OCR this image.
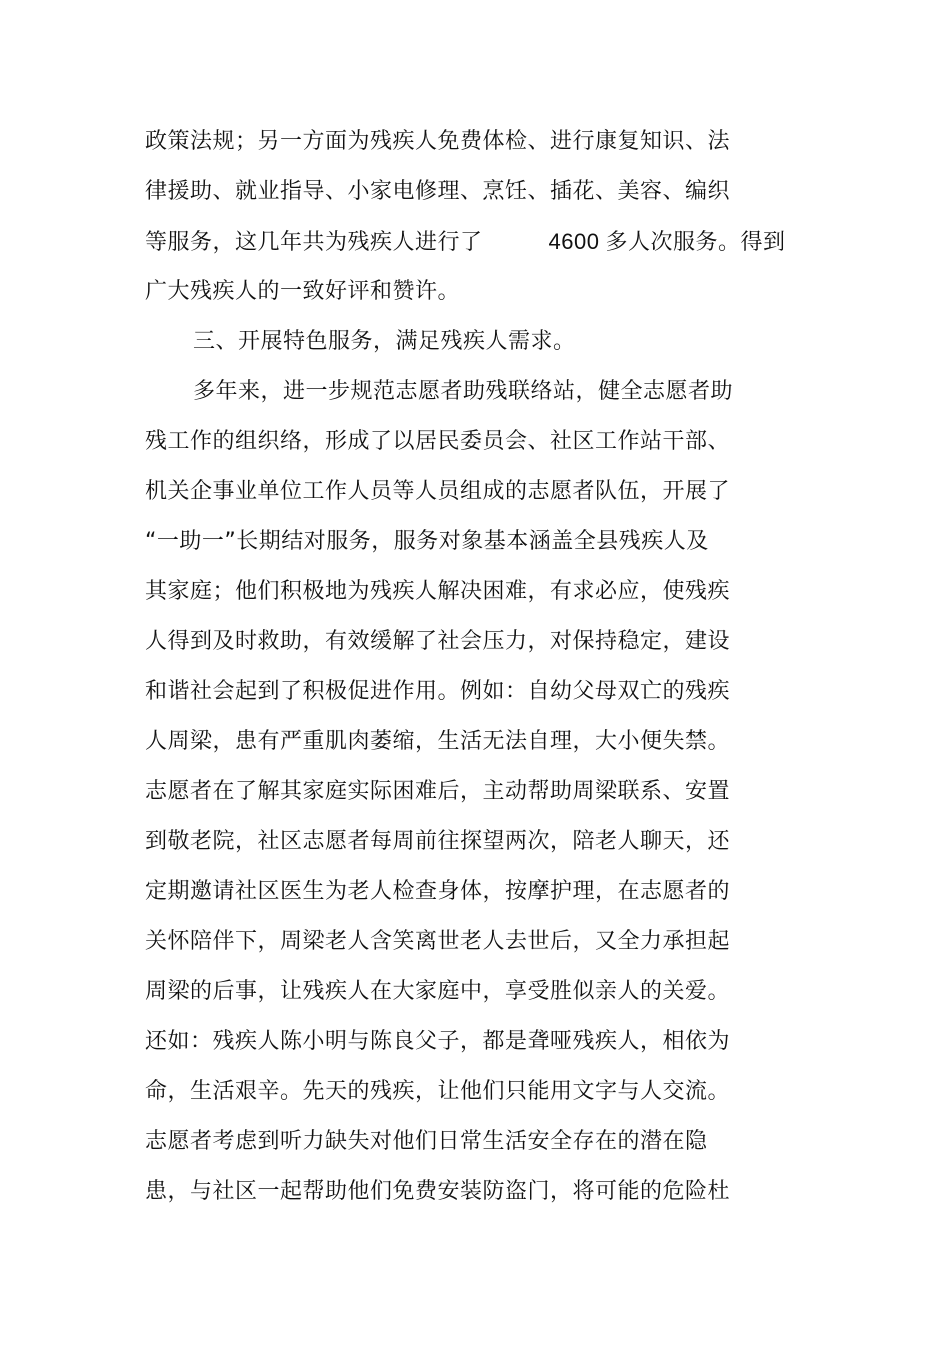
政策法规；另一方面为残疾人免费体检、进行康复知识、法
律援助、就业指导、小家电修理、烹饪、插花、美容、编织
等服务，这几年共为残疾人进行了	4600 多人次服务。得到
广大残疾人的一致好评和赞许。
三、开展特色服务，满足残疾人需求。
多年来，进一步规范志愿者助残联络站，健全志愿者助
残工作的组织络，形成了以居民委员会、社区工作站干部、
机关企事业单位工作人员等人员组成的志愿者队伍，开展了
“一助一”长期结对服务，服务对象基本涵盖全县残疾人及
其家庭；他们积极地为残疾人解决困难，有求必应，使残疾
人得到及时救助，有效缓解了社会压力，对保持稳定，建设
和谐社会起到了积极促进作用。例如：自幼父母双亡的残疾
人周梁，患有严重肌肉萎缩，生活无法自理，大小便失禁。
志愿者在了解其家庭实际困难后，主动帮助周梁联系、安置
到敬老院，社区志愿者每周前往探望两次，陪老人聊天，还
定期邀请社区医生为老人检查身体，按摩护理，在志愿者的
关怀陪伴下，周梁老人含笑离世老人去世后，又全力承担起
周梁的后事，让残疾人在大家庭中，享受胜似亲人的关爱。
还如：残疾人陈小明与陈良父子，都是聋哑残疾人，相依为
命，生活艰辛。先天的残疾，让他们只能用文字与人交流。
志愿者考虑到听力缺失对他们日常生活安全存在的潜在隐
患，与社区一起帮助他们免费安装防盗门，将可能的危险杜
